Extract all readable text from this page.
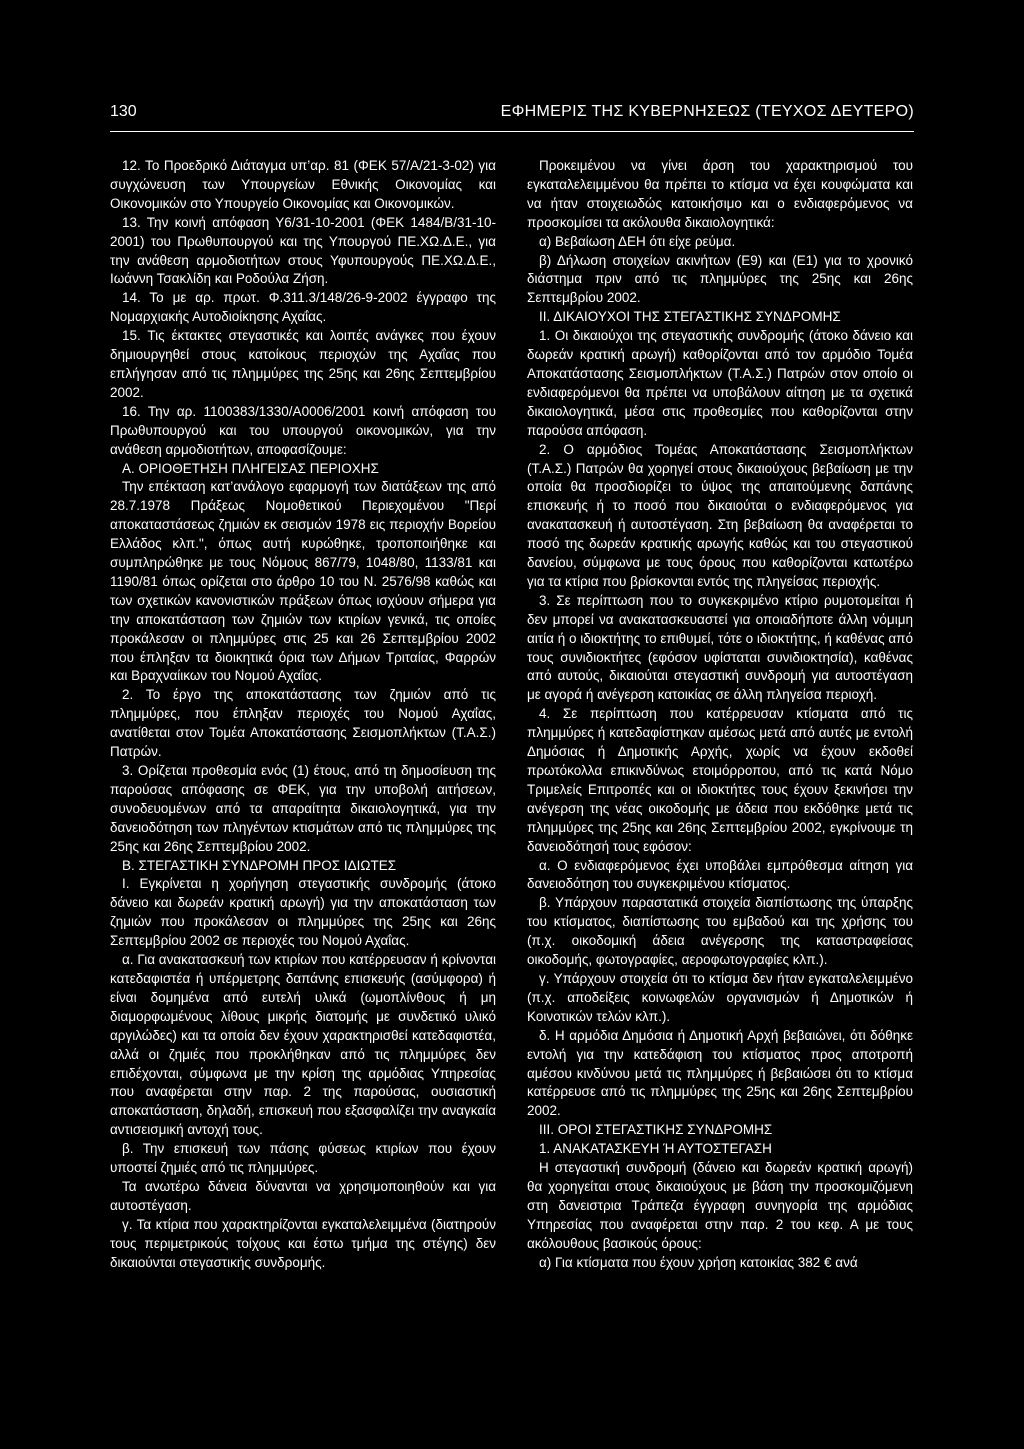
130	ΕΦΗΜΕΡΙΣ ΤΗΣ ΚΥΒΕΡΝΗΣΕΩΣ (ΤΕΥΧΟΣ ΔΕΥΤΕΡΟ)

12. Το Προεδρικό Διάταγμα υπ’αρ. 81 (ΦΕΚ 57/Α/21-3-02) για συγχώνευση των Υπουργείων Εθνικής Οικονομίας και Οικονομικών στο Υπουργείο Οικονομίας και Οικονομικών.

13. Την κοινή απόφαση Υ6/31-10-2001 (ΦΕΚ 1484/Β/31-10-2001) του Πρωθυπουργού και της Υπουργού ΠΕ.ΧΩ.Δ.Ε., για την ανάθεση αρμοδιοτήτων στους Υφυπουργούς ΠΕ.ΧΩ.Δ.Ε., Ιωάννη Τσακλίδη και Ροδούλα Ζήση.

14. Το με αρ. πρωτ. Φ.311.3/148/26-9-2002 έγγραφο της Νομαρχιακής Αυτοδιοίκησης Αχαΐας.

15. Τις έκτακτες στεγαστικές και λοιπές ανάγκες που έχουν δημιουργηθεί στους κατοίκους περιοχών της Αχαΐας που επλήγησαν από τις πλημμύρες της 25ης και 26ης Σεπτεμβρίου 2002.

16. Την αρ. 1100383/1330/Α0006/2001 κοινή απόφαση του Πρωθυπουργού και του υπουργού οικονομικών, για την ανάθεση αρμοδιοτήτων, αποφασίζουμε:

Α. ΟΡΙΟΘΕΤΗΣΗ ΠΛΗΓΕΙΣΑΣ ΠΕΡΙΟΧΗΣ

Την επέκταση κατ’ανάλογο εφαρμογή των διατάξεων της από 28.7.1978 Πράξεως Νομοθετικού Περιεχομένου "Περί αποκαταστάσεως ζημιών εκ σεισμών 1978 εις περιοχήν Βορείου Ελλάδος κλπ.", όπως αυτή κυρώθηκε, τροποποιήθηκε και συμπληρώθηκε με τους Νόμους 867/79, 1048/80, 1133/81 και 1190/81 όπως ορίζεται στο άρθρο 10 του Ν. 2576/98 καθώς και των σχετικών κανονιστικών πράξεων όπως ισχύουν σήμερα για την αποκατάσταση των ζημιών των κτιρίων γενικά, τις οποίες προκάλεσαν οι πλημμύρες στις 25 και 26 Σεπτεμβρίου 2002 που έπληξαν τα διοικητικά όρια των Δήμων Τριταίας, Φαρρών και Βραχναίικων του Νομού Αχαΐας.

2. Το έργο της αποκατάστασης των ζημιών από τις πλημμύρες, που έπληξαν περιοχές του Νομού Αχαΐας, ανατίθεται στον Τομέα Αποκατάστασης Σεισμοπλήκτων (Τ.Α.Σ.) Πατρών.

3. Ορίζεται προθεσμία ενός (1) έτους, από τη δημοσίευση της παρούσας απόφασης σε ΦΕΚ, για την υποβολή αιτήσεων, συνοδευομένων από τα απαραίτητα δικαιολογητικά, για την δανειοδότηση των πληγέντων κτισμάτων από τις πλημμύρες της 25ης και 26ης Σεπτεμβρίου 2002.

Β. ΣΤΕΓΑΣΤΙΚΗ ΣΥΝΔΡΟΜΗ ΠΡΟΣ ΙΔΙΩΤΕΣ

Ι. Εγκρίνεται η χορήγηση στεγαστικής συνδρομής (άτοκο δάνειο και δωρεάν κρατική αρωγή) για την αποκατάσταση των ζημιών που προκάλεσαν οι πλημμύρες της 25ης και 26ης Σεπτεμβρίου 2002 σε περιοχές του Νομού Αχαΐας.

α. Για ανακατασκευή των κτιρίων που κατέρρευσαν ή κρίνονται κατεδαφιστέα ή υπέρμετρης δαπάνης επισκευής (ασύμφορα) ή είναι δομημένα από ευτελή υλικά (ωμοπλίνθους ή μη διαμορφωμένους λίθους μικρής διατομής με συνδετικό υλικό αργιλώδες) και τα οποία δεν έχουν χαρακτηρισθεί κατεδαφιστέα, αλλά οι ζημιές που προκλήθηκαν από τις πλημμύρες δεν επιδέχονται, σύμφωνα με την κρίση της αρμόδιας Υπηρεσίας που αναφέρεται στην παρ. 2 της παρούσας, ουσιαστική αποκατάσταση, δηλαδή, επισκευή που εξασφαλίζει την αναγκαία αντισεισμική αντοχή τους.

β. Την επισκευή των πάσης φύσεως κτιρίων που έχουν υποστεί ζημιές από τις πλημμύρες.

Τα ανωτέρω δάνεια δύνανται να χρησιμοποιηθούν και για αυτοστέγαση.

γ. Τα κτίρια που χαρακτηρίζονται εγκαταλελειμμένα (διατηρούν τους περιμετρικούς τοίχους και έστω τμήμα της στέγης) δεν δικαιούνται στεγαστικής συνδρομής.

Προκειμένου να γίνει άρση του χαρακτηρισμού του εγκαταλελειμμένου θα πρέπει το κτίσμα να έχει κουφώματα και να ήταν στοιχειωδώς κατοικήσιμο και ο ενδιαφερόμενος να προσκομίσει τα ακόλουθα δικαιολογητικά:

α) Βεβαίωση ΔΕΗ ότι είχε ρεύμα.

β) Δήλωση στοιχείων ακινήτων (Ε9) και (Ε1) για το χρονικό διάστημα πριν από τις πλημμύρες της 25ης και 26ης Σεπτεμβρίου 2002.

ΙΙ. ΔΙΚΑΙΟΥΧΟΙ ΤΗΣ ΣΤΕΓΑΣΤΙΚΗΣ ΣΥΝΔΡΟΜΗΣ

1. Οι δικαιούχοι της στεγαστικής συνδρομής (άτοκο δάνειο και δωρεάν κρατική αρωγή) καθορίζονται από τον αρμόδιο Τομέα Αποκατάστασης Σεισμοπλήκτων (Τ.Α.Σ.) Πατρών στον οποίο οι ενδιαφερόμενοι θα πρέπει να υποβάλουν αίτηση με τα σχετικά δικαιολογητικά, μέσα στις προθεσμίες που καθορίζονται στην παρούσα απόφαση.

2. Ο αρμόδιος Τομέας Αποκατάστασης Σεισμοπλήκτων (Τ.Α.Σ.) Πατρών θα χορηγεί στους δικαιούχους βεβαίωση με την οποία θα προσδιορίζει το ύψος της απαιτούμενης δαπάνης επισκευής ή το ποσό που δικαιούται ο ενδιαφερόμενος για ανακατασκευή ή αυτοστέγαση. Στη βεβαίωση θα αναφέρεται το ποσό της δωρεάν κρατικής αρωγής καθώς και του στεγαστικού δανείου, σύμφωνα με τους όρους που καθορίζονται κατωτέρω για τα κτίρια που βρίσκονται εντός της πληγείσας περιοχής.

3. Σε περίπτωση που το συγκεκριμένο κτίριο ρυμοτομείται ή δεν μπορεί να ανακατασκευαστεί για οποιαδήποτε άλλη νόμιμη αιτία ή ο ιδιοκτήτης το επιθυμεί, τότε ο ιδιοκτήτης, ή καθένας από τους συνιδιοκτήτες (εφόσον υφίσταται συνιδιοκτησία), καθένας από αυτούς, δικαιούται στεγαστική συνδρομή για αυτοστέγαση με αγορά ή ανέγερση κατοικίας σε άλλη πληγείσα περιοχή.

4. Σε περίπτωση που κατέρρευσαν κτίσματα από τις πλημμύρες ή κατεδαφίστηκαν αμέσως μετά από αυτές με εντολή Δημόσιας ή Δημοτικής Αρχής, χωρίς να έχουν εκδοθεί πρωτόκολλα επικινδύνως ετοιμόρροπου, από τις κατά Νόμο Τριμελείς Επιτροπές και οι ιδιοκτήτες τους έχουν ξεκινήσει την ανέγερση της νέας οικοδομής με άδεια που εκδόθηκε μετά τις πλημμύρες της 25ης και 26ης Σεπτεμβρίου 2002, εγκρίνουμε τη δανειοδότησή τους εφόσον:

α. Ο ενδιαφερόμενος έχει υποβάλει εμπρόθεσμα αίτηση για δανειοδότηση του συγκεκριμένου κτίσματος.

β. Υπάρχουν παραστατικά στοιχεία διαπίστωσης της ύπαρξης του κτίσματος, διαπίστωσης του εμβαδού και της χρήσης του (π.χ. οικοδομική άδεια ανέγερσης της καταστραφείσας οικοδομής, φωτογραφίες, αεροφωτογραφίες κλπ.).

γ. Υπάρχουν στοιχεία ότι το κτίσμα δεν ήταν εγκαταλελειμμένο (π.χ. αποδείξεις κοινωφελών οργανισμών ή Δημοτικών ή Κοινοτικών τελών κλπ.).

δ. Η αρμόδια Δημόσια ή Δημοτική Αρχή βεβαιώνει, ότι δόθηκε εντολή για την κατεδάφιση του κτίσματος προς αποτροπή αμέσου κινδύνου μετά τις πλημμύρες ή βεβαιώσει ότι το κτίσμα κατέρρευσε από τις πλημμύρες της 25ης και 26ης Σεπτεμβρίου 2002.

ΙΙΙ. ΟΡΟΙ ΣΤΕΓΑΣΤΙΚΗΣ ΣΥΝΔΡΟΜΗΣ

1. ΑΝΑΚΑΤΑΣΚΕΥΗ Ή ΑΥΤΟΣΤΕΓΑΣΗ

Η στεγαστική συνδρομή (δάνειο και δωρεάν κρατική αρωγή) θα χορηγείται στους δικαιούχους με βάση την προσκομιζόμενη στη δανειστρια Τράπεζα έγγραφη συνηγορία της αρμόδιας Υπηρεσίας που αναφέρεται στην παρ. 2 του κεφ. Α με τους ακόλουθους βασικούς όρους:

α) Για κτίσματα που έχουν χρήση κατοικίας 382 € ανά
